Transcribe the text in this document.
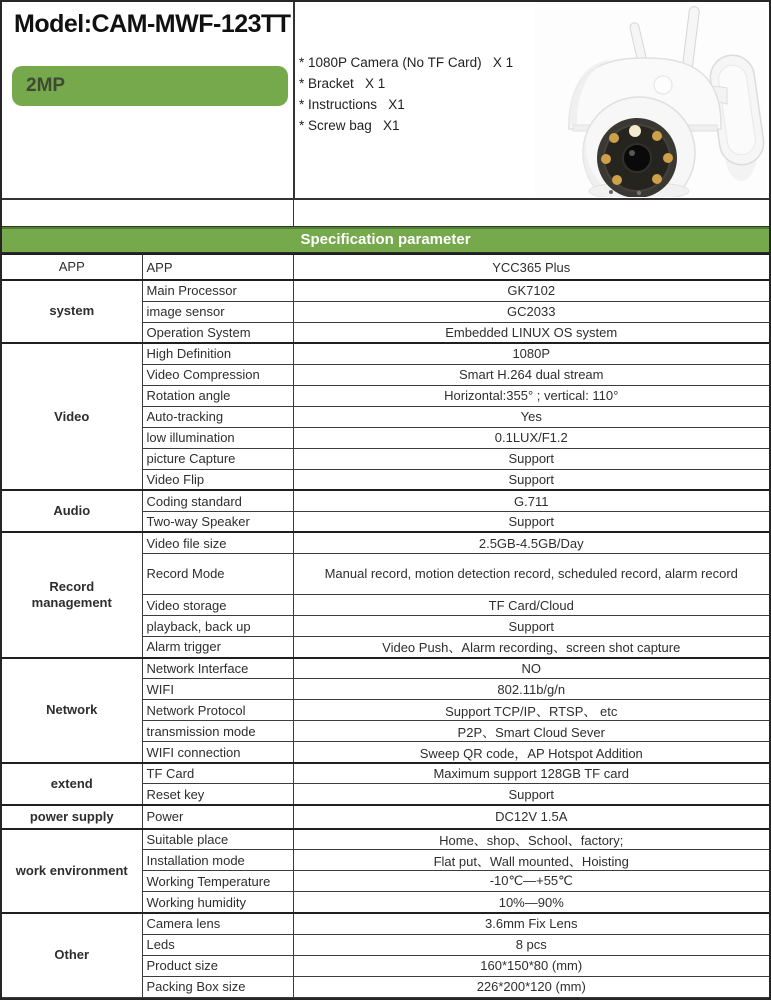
Model:CAM-MWF-123TT
2MP
* 1080P Camera (No TF Card)   X 1
* Bracket   X 1
* Instructions   X1
* Screw bag   X1
Specification parameter
APP	APP	YCC365 Plus
system	Main Processor	GK7102
	image sensor	GC2033
	Operation System	Embedded LINUX OS system
Video	High Definition	1080P
	Video Compression	Smart H.264 dual stream
	Rotation angle	Horizontal:355° ; vertical: 110°
	Auto-tracking	Yes
	low illumination	0.1LUX/F1.2
	picture Capture	Support
	Video Flip	Support
Audio	Coding standard	G.711
	Two-way Speaker	Support
Record
management	Video file size	2.5GB-4.5GB/Day
	Record Mode	Manual record, motion detection record, scheduled record, alarm record
	Video storage	TF Card/Cloud
	playback, back up	Support
	Alarm trigger	Video Push、Alarm recording、screen shot capture
Network	Network Interface	NO
	WIFI	802.11b/g/n
	Network Protocol	Support TCP/IP、RTSP、 etc
	transmission mode	P2P、Smart Cloud Sever
	WIFI connection	Sweep QR code，AP Hotspot Addition
extend	TF Card	Maximum support 128GB TF card
	Reset key	Support
power supply	Power	DC12V 1.5A
work environment	Suitable place	Home、shop、School、factory;
	Installation mode	Flat put、Wall mounted、Hoisting
	Working Temperature	-10℃—+55℃
	Working humidity	10%—90%
Other	Camera lens	3.6mm Fix Lens
	Leds	8 pcs
	Product size	160*150*80 (mm)
	Packing Box size	226*200*120 (mm)
